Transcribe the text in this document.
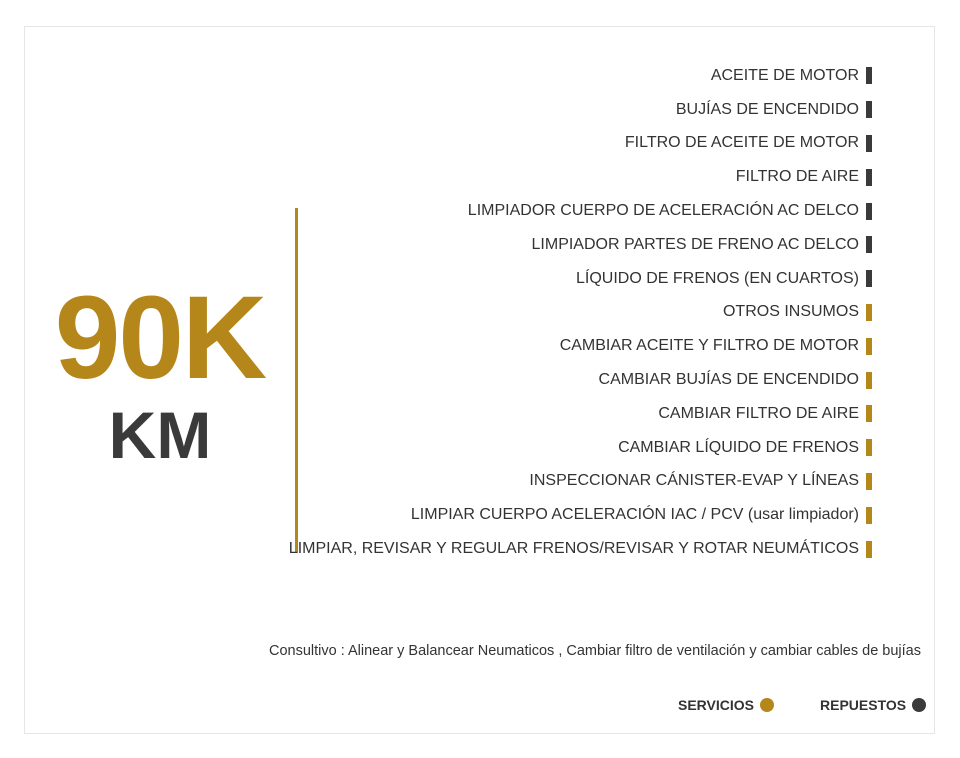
90K
KM
ACEITE DE MOTOR
BUJÍAS DE ENCENDIDO
FILTRO DE ACEITE DE MOTOR
FILTRO DE AIRE
LIMPIADOR CUERPO DE ACELERACIÓN AC DELCO
LIMPIADOR PARTES DE FRENO AC DELCO
LÍQUIDO DE FRENOS (EN CUARTOS)
OTROS INSUMOS
CAMBIAR ACEITE Y FILTRO DE MOTOR
CAMBIAR BUJÍAS DE ENCENDIDO
CAMBIAR FILTRO DE AIRE
CAMBIAR LÍQUIDO DE FRENOS
INSPECCIONAR CÁNISTER-EVAP Y LÍNEAS
LIMPIAR CUERPO ACELERACIÓN IAC / PCV (usar limpiador)
LIMPIAR, REVISAR Y REGULAR FRENOS/REVISAR Y ROTAR NEUMÁTICOS
Consultivo : Alinear y Balancear Neumaticos , Cambiar filtro de ventilación y cambiar cables de bujías
SERVICIOS	REPUESTOS
